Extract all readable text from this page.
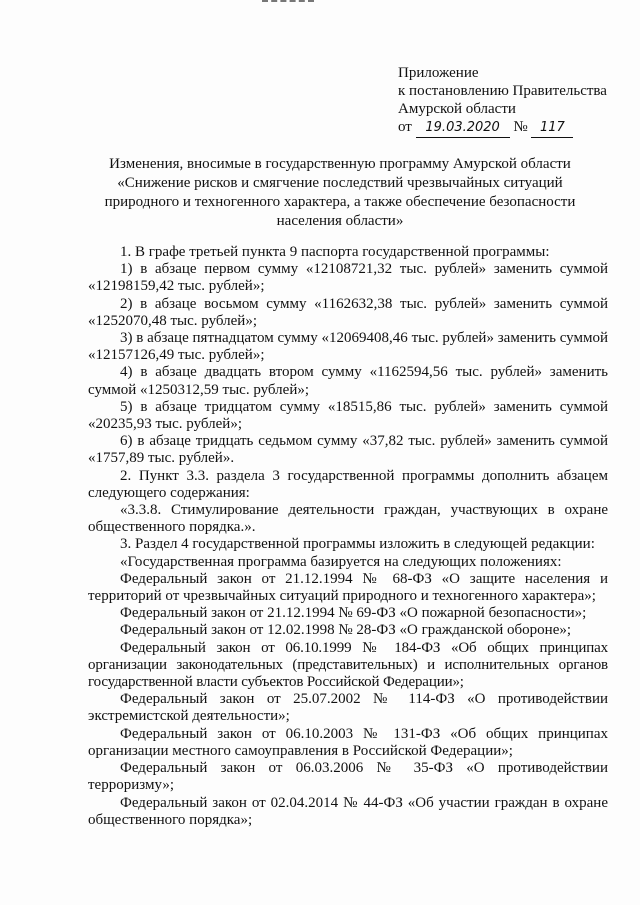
Приложение
к постановлению Правительства
Амурской области
от 19.03.2020 № 117
Изменения, вносимые в государственную программу Амурской области
«Снижение рисков и смягчение последствий чрезвычайных ситуаций
природного и техногенного характера, а также обеспечение безопасности
населения области»

1. В графе третьей пункта 9 паспорта государственной программы:

1) в абзаце первом сумму «12108721,32 тыс. рублей» заменить суммой «12198159,42 тыс. рублей»;

2) в абзаце восьмом сумму «1162632,38 тыс. рублей» заменить суммой «1252070,48 тыс. рублей»;

3) в абзаце пятнадцатом сумму «12069408,46 тыс. рублей» заменить суммой «12157126,49 тыс. рублей»;

4) в абзаце двадцать втором сумму «1162594,56 тыс. рублей» заменить суммой «1250312,59 тыс. рублей»;

5) в абзаце тридцатом сумму «18515,86 тыс. рублей» заменить суммой «20235,93 тыс. рублей»;

6) в абзаце тридцать седьмом сумму «37,82 тыс. рублей» заменить суммой «1757,89 тыс. рублей».

2. Пункт 3.3. раздела 3 государственной программы дополнить абзацем следующего содержания:

«3.3.8. Стимулирование деятельности граждан, участвующих в охране общественного порядка.».

3. Раздел 4 государственной программы изложить в следующей редакции:

«Государственная программа базируется на следующих положениях:

Федеральный закон от 21.12.1994 № 68-ФЗ «О защите населения и территорий от чрезвычайных ситуаций природного и техногенного характера»;

Федеральный закон от 21.12.1994 № 69-ФЗ «О пожарной безопасности»;

Федеральный закон от 12.02.1998 № 28-ФЗ «О гражданской обороне»;

Федеральный закон от 06.10.1999 № 184-ФЗ «Об общих принципах организации законодательных (представительных) и исполнительных органов государственной власти субъектов Российской Федерации»;

Федеральный закон от 25.07.2002 № 114-ФЗ «О противодействии экстремистской деятельности»;

Федеральный закон от 06.10.2003 № 131-ФЗ «Об общих принципах организации местного самоуправления в Российской Федерации»;

Федеральный закон от 06.03.2006 № 35-ФЗ «О противодействии терроризму»;

Федеральный закон от 02.04.2014 № 44-ФЗ «Об участии граждан в охране общественного порядка»;
